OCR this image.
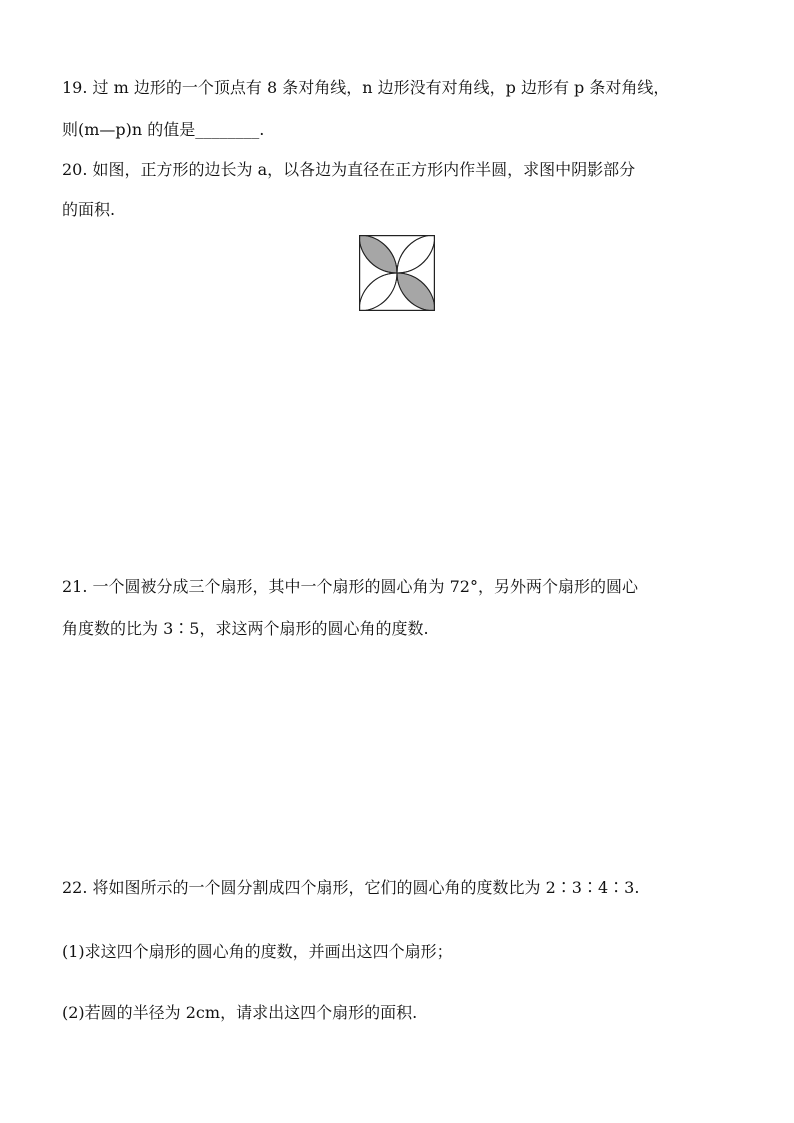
19. 过 m 边形的一个顶点有 8 条对角线，n 边形没有对角线，p 边形有 p 条对角线，
则(m—p)n 的值是________.
20. 如图，正方形的边长为 a，以各边为直径在正方形内作半圆，求图中阴影部分
的面积.
21. 一个圆被分成三个扇形，其中一个扇形的圆心角为 72°，另外两个扇形的圆心
角度数的比为 3∶5，求这两个扇形的圆心角的度数.
22. 将如图所示的一个圆分割成四个扇形，它们的圆心角的度数比为 2∶3∶4∶3.
(1)求这四个扇形的圆心角的度数，并画出这四个扇形；
(2)若圆的半径为 2cm，请求出这四个扇形的面积.
